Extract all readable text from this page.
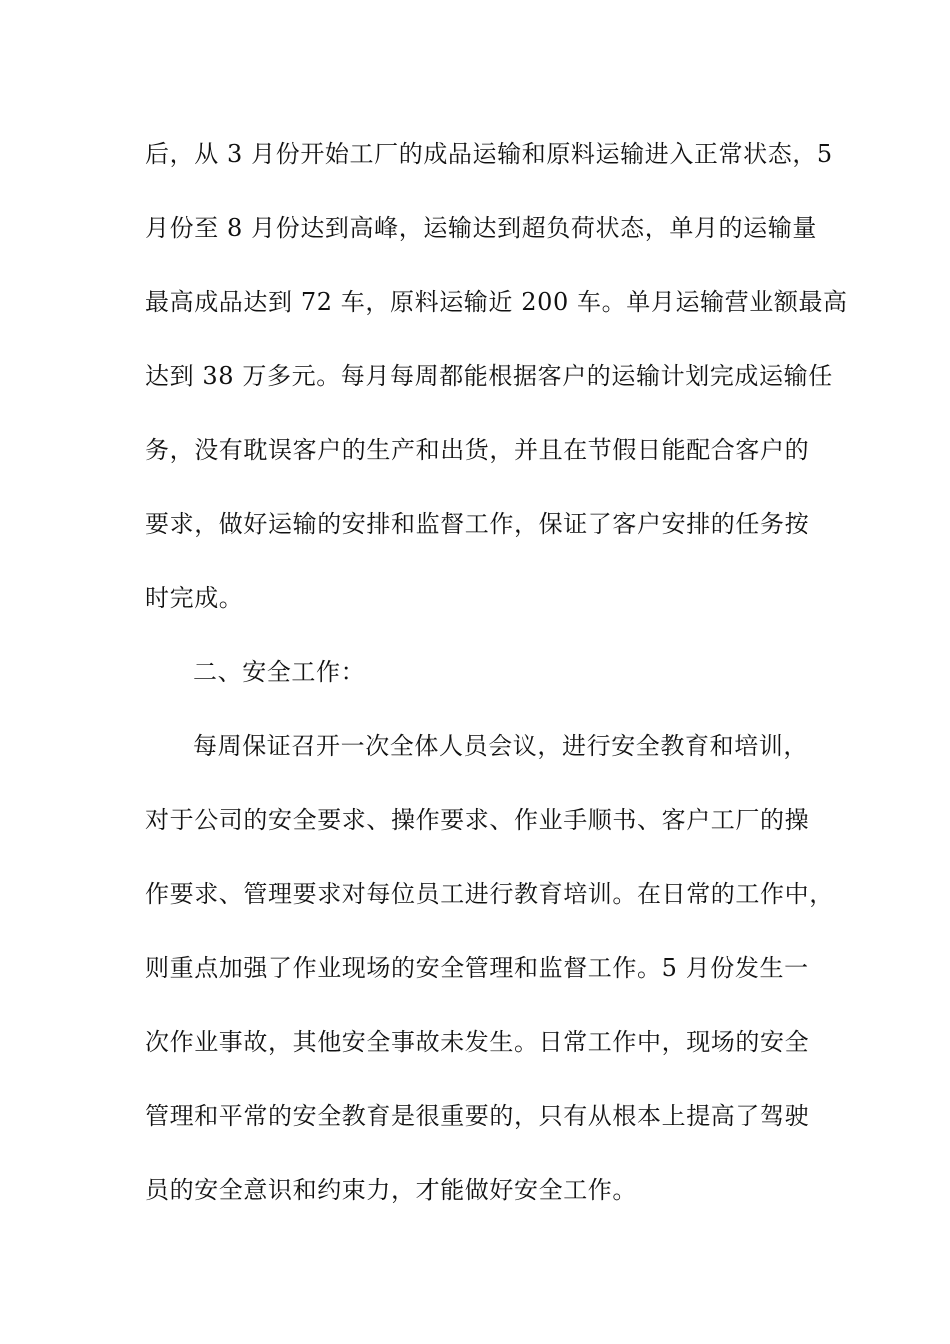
后，从 3 月份开始工厂的成品运输和原料运输进入正常状态，5
月份至 8 月份达到高峰，运输达到超负荷状态，单月的运输量
最高成品达到 72 车，原料运输近 200 车。单月运输营业额最高
达到 38 万多元。每月每周都能根据客户的运输计划完成运输任
务，没有耽误客户的生产和出货，并且在节假日能配合客户的
要求，做好运输的安排和监督工作，保证了客户安排的任务按
时完成。
二、安全工作：
每周保证召开一次全体人员会议，进行安全教育和培训，
对于公司的安全要求、操作要求、作业手顺书、客户工厂的操
作要求、管理要求对每位员工进行教育培训。在日常的工作中，
则重点加强了作业现场的安全管理和监督工作。5 月份发生一
次作业事故，其他安全事故未发生。日常工作中，现场的安全
管理和平常的安全教育是很重要的，只有从根本上提高了驾驶
员的安全意识和约束力，才能做好安全工作。
